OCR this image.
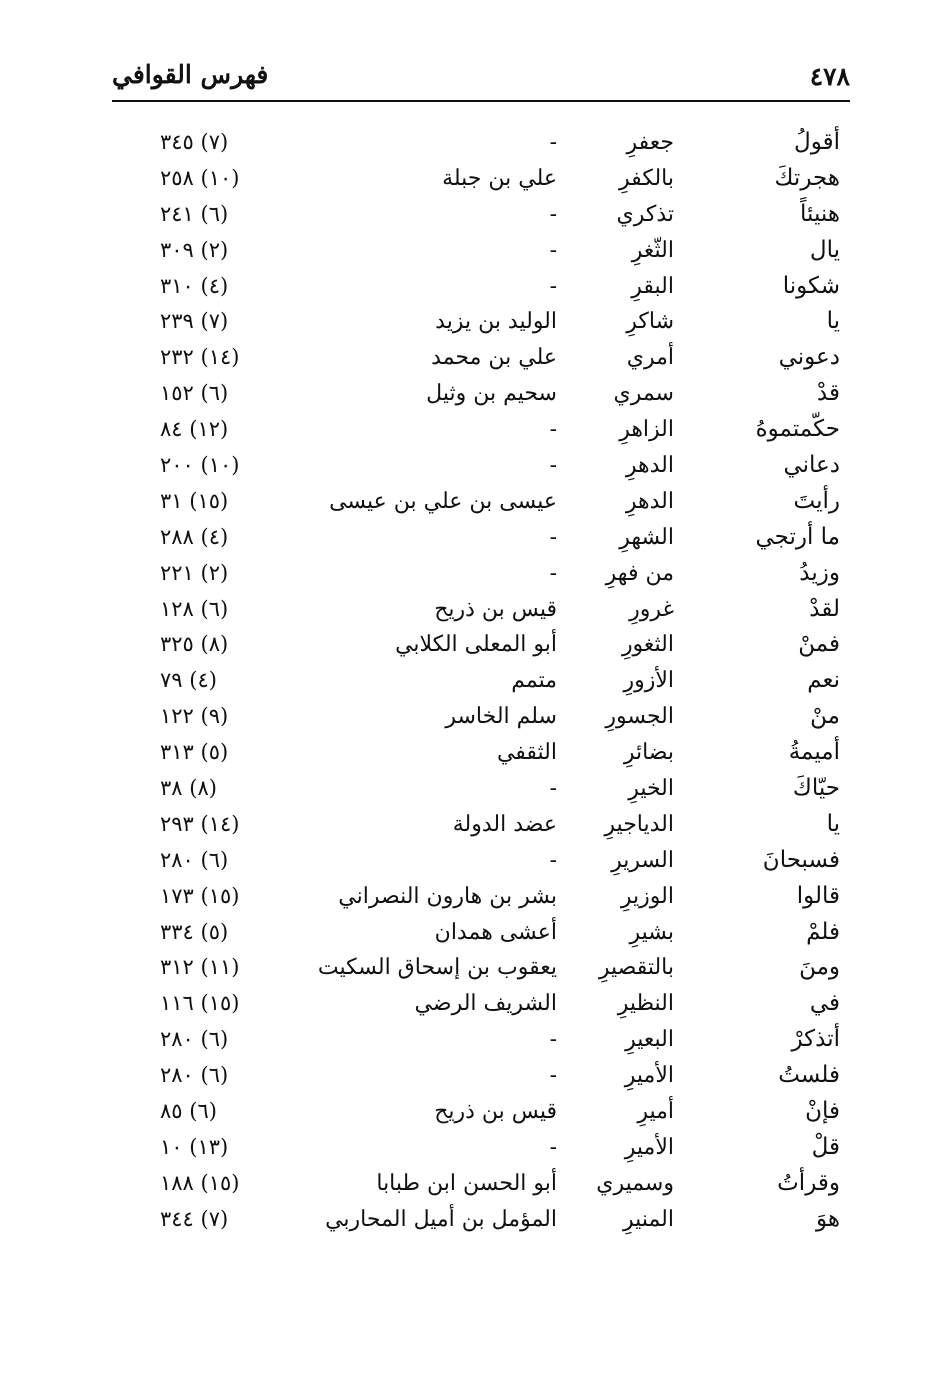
٤٧٨
فهرس القوافي
أقولُ
جعفرِ
-
(٧) ٣٤٥
هجرتكَ
بالكفرِ
علي بن جبلة
(١٠) ٢٥٨
هنيئاً
تذكري
-
(٦) ٢٤١
يال
الثّغرِ
-
(٢) ٣٠٩
شكونا
البقرِ
-
(٤) ٣١٠
يا
شاكرِ
الوليد بن يزيد
(٧) ٢٣٩
دعوني
أمري
علي بن محمد
(١٤) ٢٣٢
قدْ
سمري
سحيم بن وثيل
(٦) ١٥٢
حكّمتموهُ
الزاهرِ
-
(١٢) ٨٤
دعاني
الدهرِ
-
(١٠) ٢٠٠
رأيتَ
الدهرِ
عيسى بن علي بن عيسى
(١٥) ٣١
ما أرتجي
الشهرِ
-
(٤) ٢٨٨
وزيدُ
من فهرِ
-
(٢) ٢٢١
لقدْ
غرورِ
قيس بن ذريح
(٦) ١٢٨
فمنْ
الثغورِ
أبو المعلى الكلابي
(٨) ٣٢٥
نعم
الأزورِ
متمم
(٤) ٧٩
منْ
الجسورِ
سلم الخاسر
(٩) ١٢٢
أميمةُ
بضائرِ
الثقفي
(٥) ٣١٣
حيّاكَ
الخيرِ
-
(٨) ٣٨
يا
الدياجيرِ
عضد الدولة
(١٤) ٢٩٣
فسبحانَ
السريرِ
-
(٦) ٢٨٠
قالوا
الوزيرِ
بشر بن هارون النصراني
(١٥) ١٧٣
فلمْ
بشيرِ
أعشى همدان
(٥) ٣٣٤
ومنَ
بالتقصيرِ
يعقوب بن إسحاق السكيت
(١١) ٣١٢
في
النظيرِ
الشريف الرضي
(١٥) ١١٦
أتذكرْ
البعيرِ
-
(٦) ٢٨٠
فلستُ
الأميرِ
-
(٦) ٢٨٠
فإنْ
أميرِ
قيس بن ذريح
(٦) ٨٥
قلْ
الأميرِ
-
(١٣) ١٠
وقرأتُ
وسميري
أبو الحسن ابن طبابا
(١٥) ١٨٨
هوَ
المنيرِ
المؤمل بن أميل المحاربي
(٧) ٣٤٤
